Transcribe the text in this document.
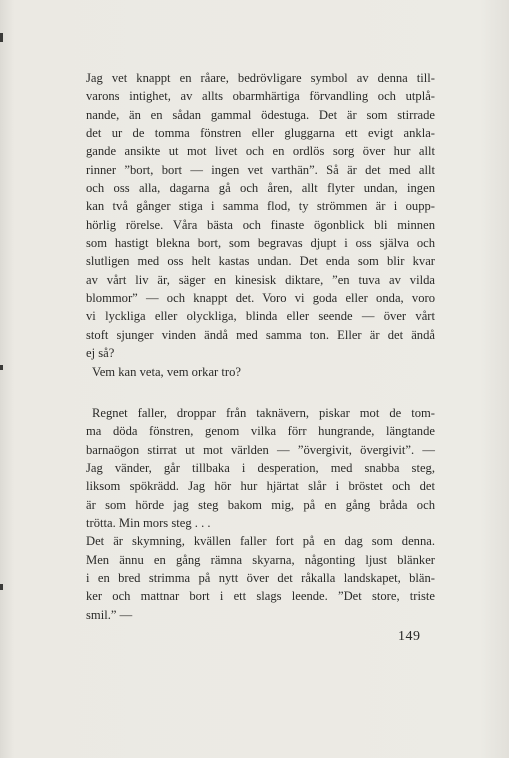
Jag vet knappt en råare, bedrövligare symbol av denna till-
varons intighet, av allts obarmhärtiga förvandling och utplå-
nande, än en sådan gammal ödestuga. Det är som stirrade
det ur de tomma fönstren eller gluggarna ett evigt ankla-
gande ansikte ut mot livet och en ordlös sorg över hur allt
rinner ”bort, bort — ingen vet varthän”. Så är det med allt
och oss alla, dagarna gå och åren, allt flyter undan, ingen
kan två gånger stiga i samma flod, ty strömmen är i oupp-
hörlig rörelse. Våra bästa och finaste ögonblick bli minnen
som hastigt blekna bort, som begravas djupt i oss själva och
slutligen med oss helt kastas undan. Det enda som blir kvar
av vårt liv är, säger en kinesisk diktare, ”en tuva av vilda
blommor” — och knappt det. Voro vi goda eller onda, voro
vi lyckliga eller olyckliga, blinda eller seende — över vårt
stoft sjunger vinden ändå med samma ton. Eller är det ändå
ej så?
Vem kan veta, vem orkar tro?
Regnet faller, droppar från taknävern, piskar mot de tom-
ma döda fönstren, genom vilka förr hungrande, längtande
barnaögon stirrat ut mot världen — ”övergivit, övergivit”. —
Jag vänder, går tillbaka i desperation, med snabba steg,
liksom spökrädd. Jag hör hur hjärtat slår i bröstet och det
är som hörde jag steg bakom mig, på en gång bråda och
trötta. Min mors steg . . .
Det är skymning, kvällen faller fort på en dag som denna.
Men ännu en gång rämna skyarna, någonting ljust blänker
i en bred strimma på nytt över det råkalla landskapet, blän-
ker och mattnar bort i ett slags leende. ”Det store, triste
smil.” —
149
